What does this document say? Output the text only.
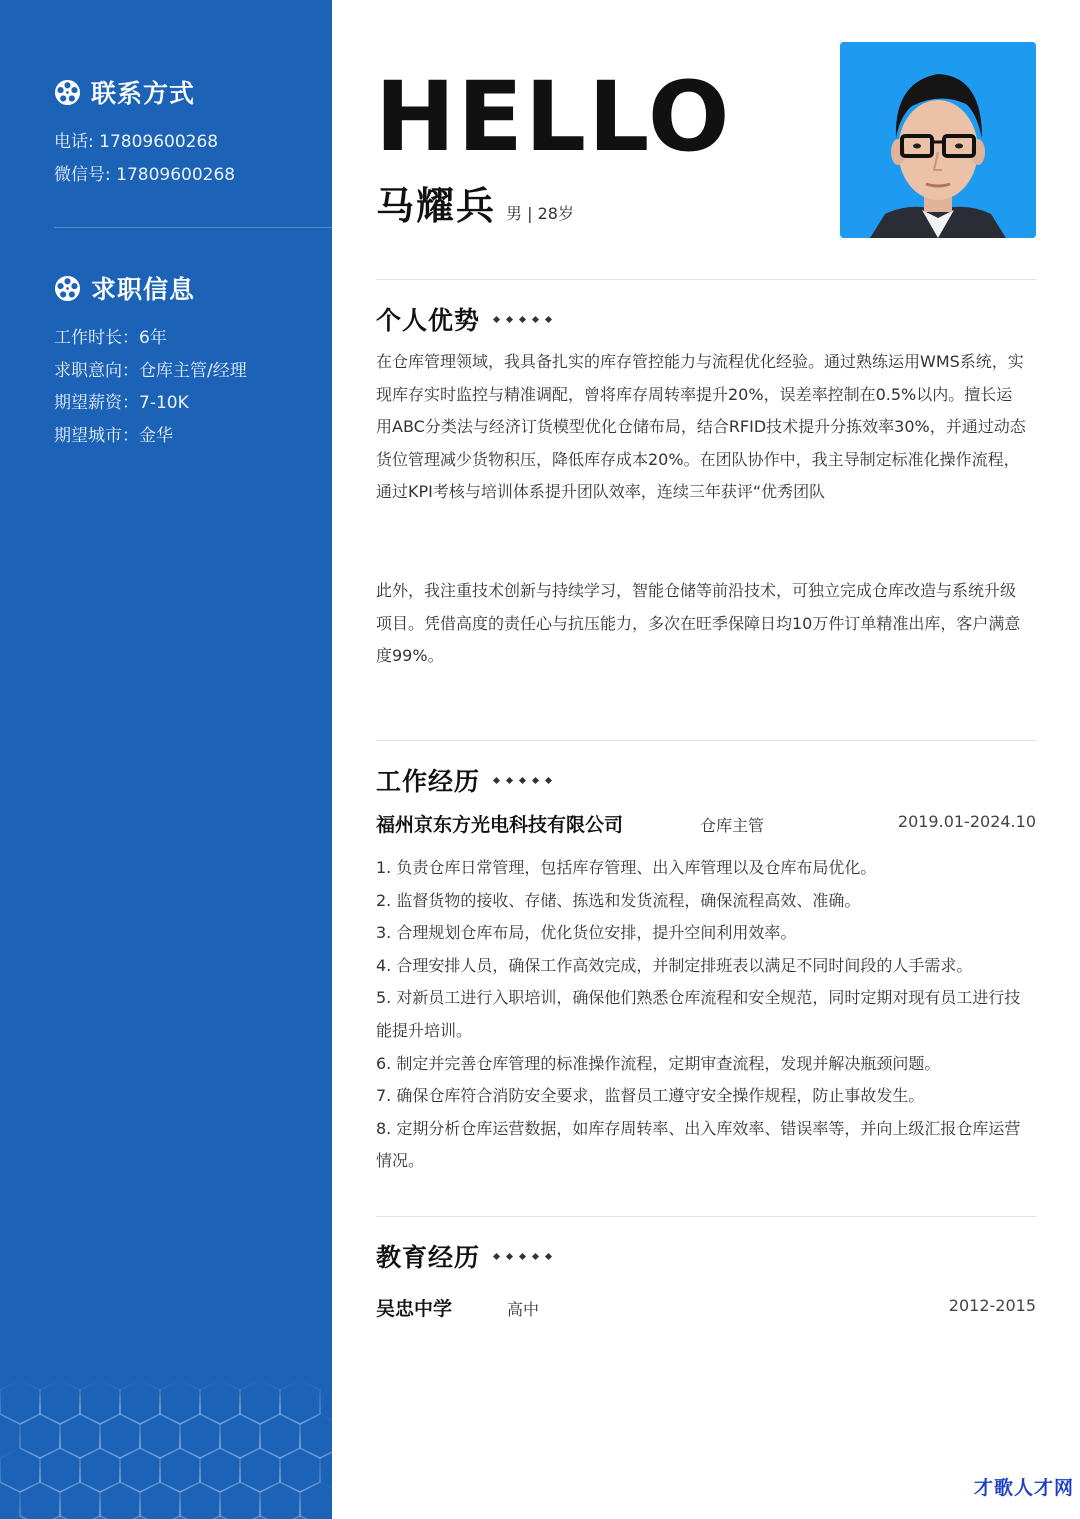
联系方式
电话: 17809600268
微信号: 17809600268
求职信息
工作时长：6年
求职意向：仓库主管/经理
期望薪资：7-10K
期望城市：金华
HELLO
马耀兵 男 | 28岁
个人优势

在仓库管理领域，我具备扎实的库存管控能力与流程优化经验。通过熟练运用WMS系统，实现库存实时监控与精准调配，曾将库存周转率提升20%，误差率控制在0.5%以内。擅长运用ABC分类法与经济订货模型优化仓储布局，结合RFID技术提升分拣效率30%，并通过动态货位管理减少货物积压，降低库存成本20%。在团队协作中，我主导制定标准化操作流程，通过KPI考核与培训体系提升团队效率，连续三年获评“优秀团队

此外，我注重技术创新与持续学习，智能仓储等前沿技术，可独立完成仓库改造与系统升级项目。凭借高度的责任心与抗压能力，多次在旺季保障日均10万件订单精准出库，客户满意度99%。

工作经历
福州京东方光电科技有限公司	仓库主管	2019.01-2024.10
1. 负责仓库日常管理，包括库存管理、出入库管理以及仓库布局优化。
2. 监督货物的接收、存储、拣选和发货流程，确保流程高效、准确。
3. 合理规划仓库布局，优化货位安排，提升空间利用效率。
4. 合理安排人员，确保工作高效完成，并制定排班表以满足不同时间段的人手需求。
5. 对新员工进行入职培训，确保他们熟悉仓库流程和安全规范，同时定期对现有员工进行技能提升培训。
6. 制定并完善仓库管理的标准操作流程，定期审查流程，发现并解决瓶颈问题。
7. 确保仓库符合消防安全要求，监督员工遵守安全操作规程，防止事故发生。
8. 定期分析仓库运营数据，如库存周转率、出入库效率、错误率等，并向上级汇报仓库运营情况。
教育经历
吴忠中学	高中	2012-2015
才歌人才网
